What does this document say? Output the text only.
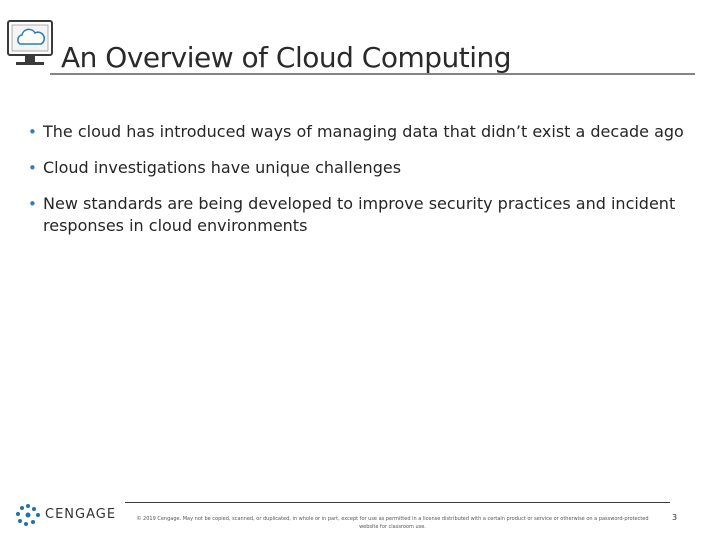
An Overview of Cloud Computing
• The cloud has introduced ways of managing data that didn’t exist a decade ago
• Cloud investigations have unique challenges
• New standards are being developed to improve security practices and incident responses in cloud environments
CENGAGE	© 2019 Cengage. May not be copied, scanned, or duplicated, in whole or in part, except for use as permitted in a license distributed with a certain product or service or otherwise on a password-protected website for classroom use.
3
